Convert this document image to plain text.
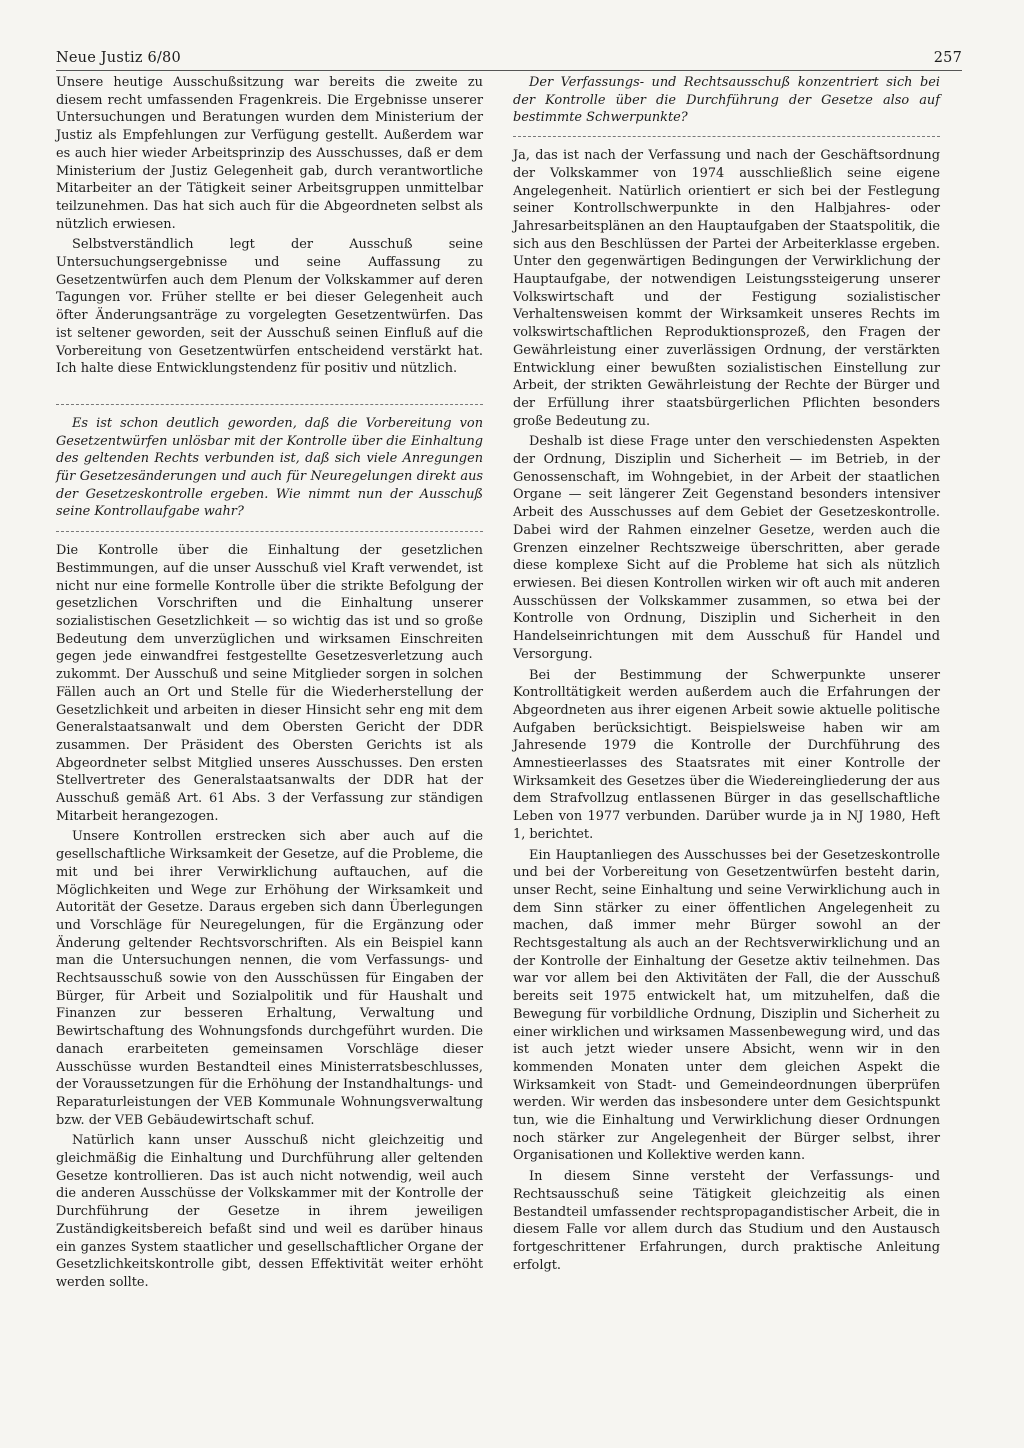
Neue Justiz 6/80	257

Unsere heutige Ausschußsitzung war bereits die zweite zu diesem recht umfassenden Fragenkreis. Die Ergebnisse unserer Untersuchungen und Beratungen wurden dem Ministerium der Justiz als Empfehlungen zur Verfügung gestellt. Außerdem war es auch hier wieder Arbeitsprinzip des Ausschusses, daß er dem Ministerium der Justiz Gelegenheit gab, durch verantwortliche Mitarbeiter an der Tätigkeit seiner Arbeitsgruppen unmittelbar teilzunehmen. Das hat sich auch für die Abgeordneten selbst als nützlich erwiesen.

Selbstverständlich legt der Ausschuß seine Untersuchungsergebnisse und seine Auffassung zu Gesetzentwürfen auch dem Plenum der Volkskammer auf deren Tagungen vor. Früher stellte er bei dieser Gelegenheit auch öfter Änderungsanträge zu vorgelegten Gesetzentwürfen. Das ist seltener geworden, seit der Ausschuß seinen Einfluß auf die Vorbereitung von Gesetzentwürfen entscheidend verstärkt hat. Ich halte diese Entwicklungstendenz für positiv und nützlich.

Es ist schon deutlich geworden, daß die Vorbereitung von Gesetzentwürfen unlösbar mit der Kontrolle über die Einhaltung des geltenden Rechts verbunden ist, daß sich viele Anregungen für Gesetzesänderungen und auch für Neuregelungen direkt aus der Gesetzeskontrolle ergeben. Wie nimmt nun der Ausschuß seine Kontrollaufgabe wahr?

Die Kontrolle über die Einhaltung der gesetzlichen Bestimmungen, auf die unser Ausschuß viel Kraft verwendet, ist nicht nur eine formelle Kontrolle über die strikte Befolgung der gesetzlichen Vorschriften und die Einhaltung unserer sozialistischen Gesetzlichkeit — so wichtig das ist und so große Bedeutung dem unverzüglichen und wirksamen Einschreiten gegen jede einwandfrei festgestellte Gesetzesverletzung auch zukommt. Der Ausschuß und seine Mitglieder sorgen in solchen Fällen auch an Ort und Stelle für die Wiederherstellung der Gesetzlichkeit und arbeiten in dieser Hinsicht sehr eng mit dem Generalstaatsanwalt und dem Obersten Gericht der DDR zusammen. Der Präsident des Obersten Gerichts ist als Abgeordneter selbst Mitglied unseres Ausschusses. Den ersten Stellvertreter des Generalstaatsanwalts der DDR hat der Ausschuß gemäß Art. 61 Abs. 3 der Verfassung zur ständigen Mitarbeit herangezogen.

Unsere Kontrollen erstrecken sich aber auch auf die gesellschaftliche Wirksamkeit der Gesetze, auf die Probleme, die mit und bei ihrer Verwirklichung auftauchen, auf die Möglichkeiten und Wege zur Erhöhung der Wirksamkeit und Autorität der Gesetze. Daraus ergeben sich dann Überlegungen und Vorschläge für Neuregelungen, für die Ergänzung oder Änderung geltender Rechtsvorschriften. Als ein Beispiel kann man die Untersuchungen nennen, die vom Verfassungs- und Rechtsausschuß sowie von den Ausschüssen für Eingaben der Bürger, für Arbeit und Sozialpolitik und für Haushalt und Finanzen zur besseren Erhaltung, Verwaltung und Bewirtschaftung des Wohnungsfonds durchgeführt wurden. Die danach erarbeiteten gemeinsamen Vorschläge dieser Ausschüsse wurden Bestandteil eines Ministerratsbeschlusses, der Voraussetzungen für die Erhöhung der Instandhaltungs- und Reparaturleistungen der VEB Kommunale Wohnungsverwaltung bzw. der VEB Gebäudewirtschaft schuf.

Natürlich kann unser Ausschuß nicht gleichzeitig und gleichmäßig die Einhaltung und Durchführung aller geltenden Gesetze kontrollieren. Das ist auch nicht notwendig, weil auch die anderen Ausschüsse der Volkskammer mit der Kontrolle der Durchführung der Gesetze in ihrem jeweiligen Zuständigkeitsbereich befaßt sind und weil es darüber hinaus ein ganzes System staatlicher und gesellschaftlicher Organe der Gesetzlichkeitskontrolle gibt, dessen Effektivität weiter erhöht werden sollte.

Der Verfassungs- und Rechtsausschuß konzentriert sich bei der Kontrolle über die Durchführung der Gesetze also auf bestimmte Schwerpunkte?

Ja, das ist nach der Verfassung und nach der Geschäftsordnung der Volkskammer von 1974 ausschließlich seine eigene Angelegenheit. Natürlich orientiert er sich bei der Festlegung seiner Kontrollschwerpunkte in den Halbjahres- oder Jahresarbeitsplänen an den Hauptaufgaben der Staatspolitik, die sich aus den Beschlüssen der Partei der Arbeiterklasse ergeben. Unter den gegenwärtigen Bedingungen der Verwirklichung der Hauptaufgabe, der notwendigen Leistungssteigerung unserer Volkswirtschaft und der Festigung sozialistischer Verhaltensweisen kommt der Wirksamkeit unseres Rechts im volkswirtschaftlichen Reproduktionsprozeß, den Fragen der Gewährleistung einer zuverlässigen Ordnung, der verstärkten Entwicklung einer bewußten sozialistischen Einstellung zur Arbeit, der strikten Gewährleistung der Rechte der Bürger und der Erfüllung ihrer staatsbürgerlichen Pflichten besonders große Bedeutung zu.

Deshalb ist diese Frage unter den verschiedensten Aspekten der Ordnung, Disziplin und Sicherheit — im Betrieb, in der Genossenschaft, im Wohngebiet, in der Arbeit der staatlichen Organe — seit längerer Zeit Gegenstand besonders intensiver Arbeit des Ausschusses auf dem Gebiet der Gesetzeskontrolle. Dabei wird der Rahmen einzelner Gesetze, werden auch die Grenzen einzelner Rechtszweige überschritten, aber gerade diese komplexe Sicht auf die Probleme hat sich als nützlich erwiesen. Bei diesen Kontrollen wirken wir oft auch mit anderen Ausschüssen der Volkskammer zusammen, so etwa bei der Kontrolle von Ordnung, Disziplin und Sicherheit in den Handelseinrichtungen mit dem Ausschuß für Handel und Versorgung.

Bei der Bestimmung der Schwerpunkte unserer Kontrolltätigkeit werden außerdem auch die Erfahrungen der Abgeordneten aus ihrer eigenen Arbeit sowie aktuelle politische Aufgaben berücksichtigt. Beispielsweise haben wir am Jahresende 1979 die Kontrolle der Durchführung des Amnestieerlasses des Staatsrates mit einer Kontrolle der Wirksamkeit des Gesetzes über die Wiedereingliederung der aus dem Strafvollzug entlassenen Bürger in das gesellschaftliche Leben von 1977 verbunden. Darüber wurde ja in NJ 1980, Heft 1, berichtet.

Ein Hauptanliegen des Ausschusses bei der Gesetzeskontrolle und bei der Vorbereitung von Gesetzentwürfen besteht darin, unser Recht, seine Einhaltung und seine Verwirklichung auch in dem Sinn stärker zu einer öffentlichen Angelegenheit zu machen, daß immer mehr Bürger sowohl an der Rechtsgestaltung als auch an der Rechtsverwirklichung und an der Kontrolle der Einhaltung der Gesetze aktiv teilnehmen. Das war vor allem bei den Aktivitäten der Fall, die der Ausschuß bereits seit 1975 entwickelt hat, um mitzuhelfen, daß die Bewegung für vorbildliche Ordnung, Disziplin und Sicherheit zu einer wirklichen und wirksamen Massenbewegung wird, und das ist auch jetzt wieder unsere Absicht, wenn wir in den kommenden Monaten unter dem gleichen Aspekt die Wirksamkeit von Stadt- und Gemeindeordnungen überprüfen werden. Wir werden das insbesondere unter dem Gesichtspunkt tun, wie die Einhaltung und Verwirklichung dieser Ordnungen noch stärker zur Angelegenheit der Bürger selbst, ihrer Organisationen und Kollektive werden kann.

In diesem Sinne versteht der Verfassungs- und Rechtsausschuß seine Tätigkeit gleichzeitig als einen Bestandteil umfassender rechtspropagandistischer Arbeit, die in diesem Falle vor allem durch das Studium und den Austausch fortgeschrittener Erfahrungen, durch praktische Anleitung erfolgt.
